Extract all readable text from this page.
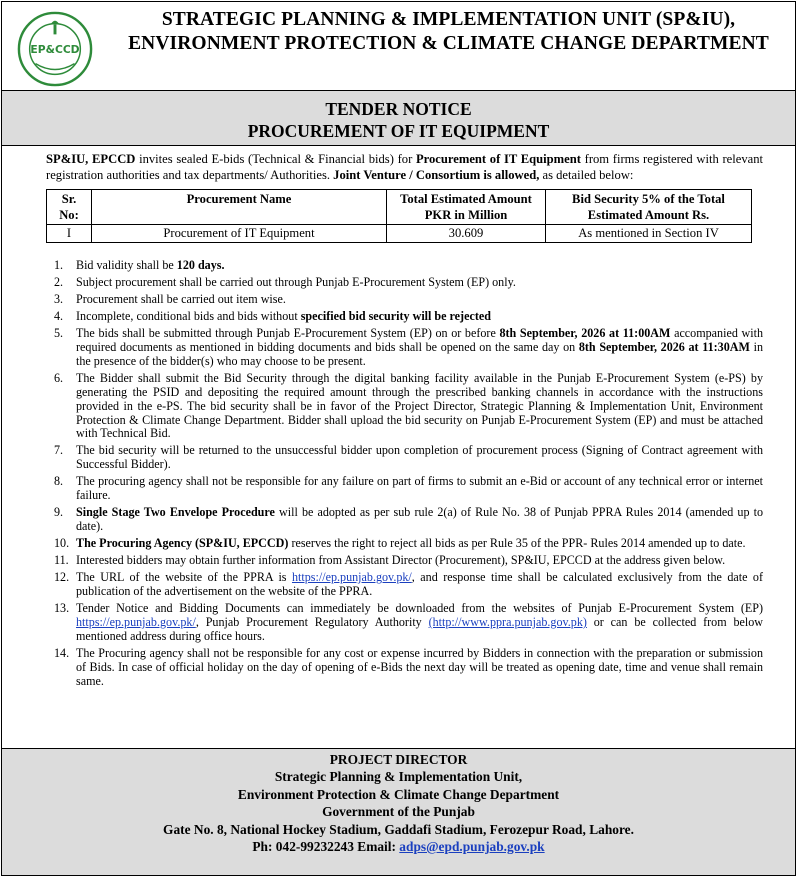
EP&CCD
STRATEGIC PLANNING & IMPLEMENTATION UNIT (SP&IU),
ENVIRONMENT PROTECTION & CLIMATE CHANGE DEPARTMENT
TENDER NOTICE
PROCUREMENT OF IT EQUIPMENT
SP&IU, EPCCD invites sealed E-bids (Technical & Financial bids) for Procurement of IT Equipment from firms registered with relevant registration authorities and tax departments/ Authorities. Joint Venture / Consortium is allowed, as detailed below:
Sr. No:	Procurement Name	Total Estimated Amount PKR in Million	Bid Security 5% of the Total Estimated Amount Rs.
I	Procurement of IT Equipment	30.609	As mentioned in Section IV
1.	Bid validity shall be 120 days.
2.	Subject procurement shall be carried out through Punjab E-Procurement System (EP) only.
3.	Procurement shall be carried out item wise.
4.	Incomplete, conditional bids and bids without specified bid security will be rejected
5.	The bids shall be submitted through Punjab E-Procurement System (EP) on or before 8th September, 2026 at 11:00AM accompanied with required documents as mentioned in bidding documents and bids shall be opened on the same day on 8th September, 2026 at 11:30AM in the presence of the bidder(s) who may choose to be present.
6.	The Bidder shall submit the Bid Security through the digital banking facility available in the Punjab E-Procurement System (e-PS) by generating the PSID and depositing the required amount through the prescribed banking channels in accordance with the instructions provided in the e-PS. The bid security shall be in favor of the Project Director, Strategic Planning & Implementation Unit, Environment Protection & Climate Change Department. Bidder shall upload the bid security on Punjab E-Procurement System (EP) and must be attached with Technical Bid.
7.	The bid security will be returned to the unsuccessful bidder upon completion of procurement process (Signing of Contract agreement with Successful Bidder).
8.	The procuring agency shall not be responsible for any failure on part of firms to submit an e-Bid or account of any technical error or internet failure.
9.	Single Stage Two Envelope Procedure will be adopted as per sub rule 2(a) of Rule No. 38 of Punjab PPRA Rules 2014 (amended up to date).
10. The Procuring Agency (SP&IU, EPCCD) reserves the right to reject all bids as per Rule 35 of the PPR- Rules 2014 amended up to date.
11. Interested bidders may obtain further information from Assistant Director (Procurement), SP&IU, EPCCD at the address given below.
12. The URL of the website of the PPRA is https://ep.punjab.gov.pk/, and response time shall be calculated exclusively from the date of publication of the advertisement on the website of the PPRA.
13. Tender Notice and Bidding Documents can immediately be downloaded from the websites of Punjab E-Procurement System (EP) https://ep.punjab.gov.pk/, Punjab Procurement Regulatory Authority (http://www.ppra.punjab.gov.pk) or can be collected from below mentioned address during office hours.
14. The Procuring agency shall not be responsible for any cost or expense incurred by Bidders in connection with the preparation or submission of Bids. In case of official holiday on the day of opening of e-Bids the next day will be treated as opening date, time and venue shall remain same.
PROJECT DIRECTOR
Strategic Planning & Implementation Unit,
Environment Protection & Climate Change Department
Government of the Punjab
Gate No. 8, National Hockey Stadium, Gaddafi Stadium, Ferozepur Road, Lahore.
Ph: 042-99232243 Email: adps@epd.punjab.gov.pk
